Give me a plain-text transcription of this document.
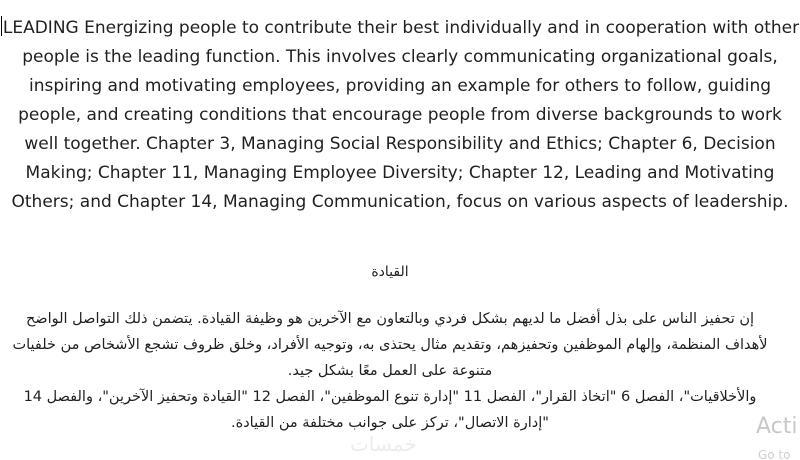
LEADING Energizing people to contribute their best individually and in cooperation with other people is the leading function. This involves clearly communicating organizational goals, inspiring and motivating employees, providing an example for others to follow, guiding people, and creating conditions that encourage people from diverse backgrounds to work well together. Chapter 3, Managing Social Responsibility and Ethics; Chapter 6, Decision Making; Chapter 11, Managing Employee Diversity; Chapter 12, Leading and Motivating Others; and Chapter 14, Managing Communication, focus on various aspects of leadership.

القيادة

إن تحفيز الناس على بذل أفضل ما لديهم بشكل فردي وبالتعاون مع الآخرين هو وظيفة القيادة. يتضمن ذلك التواصل الواضح لأهداف المنظمة، وإلهام الموظفين وتحفيزهم، وتقديم مثال يحتذى به، وتوجيه الأفراد، وخلق ظروف تشجع الأشخاص من خلفيات متنوعة على العمل معًا بشكل جيد.
والأخلاقيات"، الفصل 6 "اتخاذ القرار"، الفصل 11 "إدارة تنوع الموظفين"، الفصل 12 "القيادة وتحفيز الآخرين"، والفصل 14 "إدارة الاتصال"، تركز على جوانب مختلفة من القيادة.
خمسات
Acti
Go to
